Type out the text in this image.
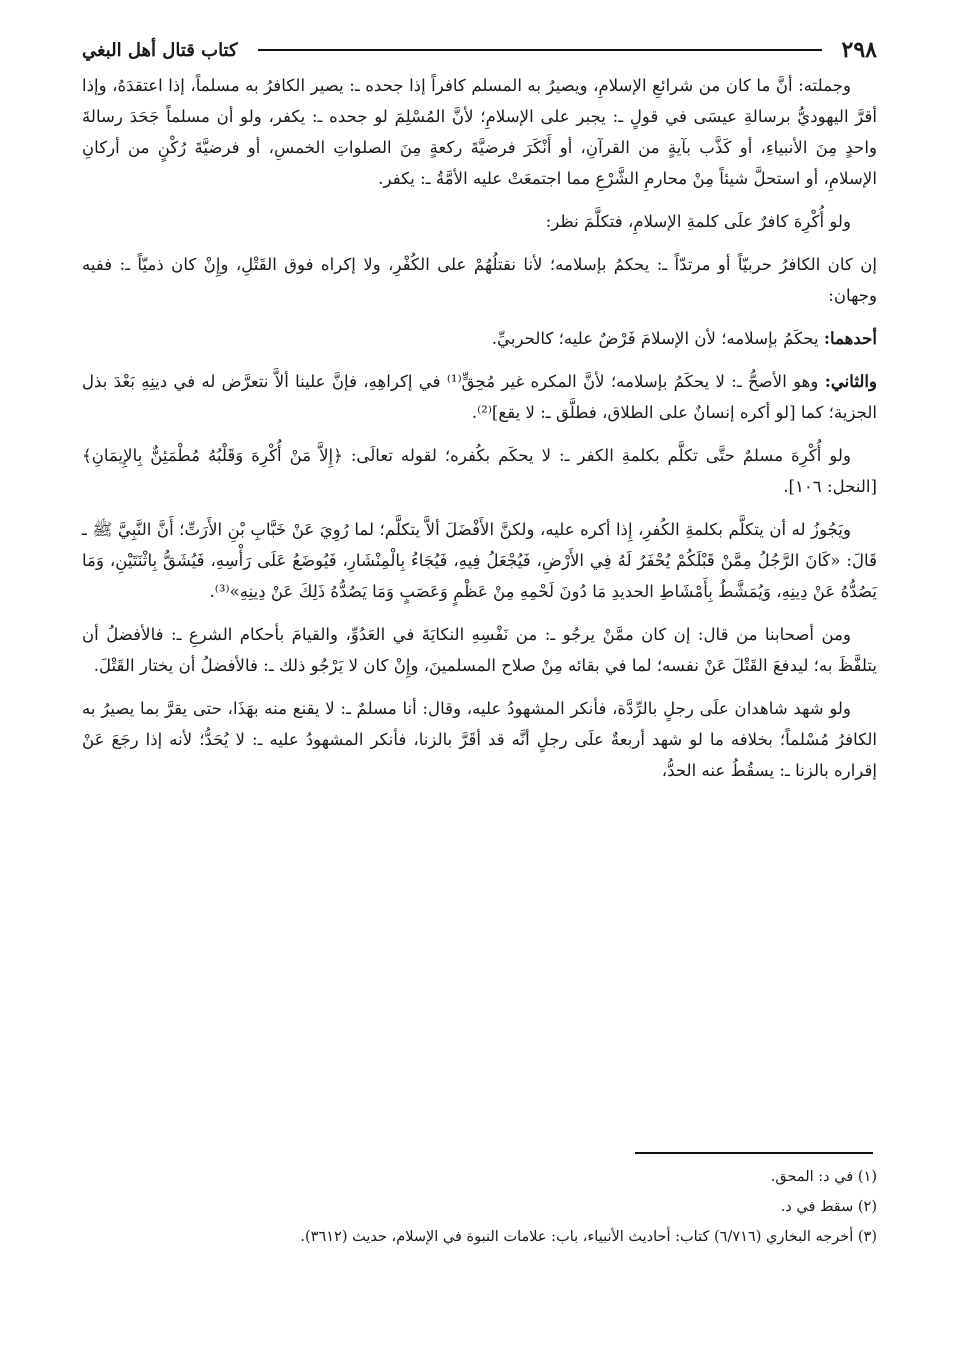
٢٩٨
كتاب قتال أهل البغي

وجملته: أنَّ ما كان من شرائعِ الإسلامِ، ويصيرُ به المسلم كافراً إذا جحده ـ: يصير الكافرُ به مسلماً، إذا اعتقدَهُ، وإذا أقرَّ اليهوديُّ برسالةِ عيسَى في قولٍ ـ: يجبر على الإسلامِ؛ لأنَّ المُسْلِمَ لو جحده ـ: يكفر، ولو أن مسلماً جَحَدَ رسالةَ واحدٍ مِنَ الأنبياءِ، أو كَذَّب بآيةٍ من القرآنِ، أو أَنْكَرَ فرضيَّةَ ركعةٍ مِنَ الصلواتِ الخمسِ، أو فرضيَّةَ رُكْنٍ من أركانِ الإسلامِ، أو استحلَّ شيئاً مِنْ محارمِ الشَّرْعِ مما اجتمعَتْ عليه الأمَّةُ ـ: يكفر.

ولو أُكْرِهَ كافرٌ علَى كلمةِ الإسلامِ، فتكلَّمَ نظر:

إن كان الكافرُ حربيّاً أو مرتدّاً ـ: يحكمُ بإسلامه؛ لأنا نقتلُهُمْ على الكُفْرِ، ولا إكراه فوق القَتْلِ، وإِنْ كان ذميّاً ـ: ففيه وجهان:

أحدهما: يحكَمُ بإسلامه؛ لأن الإسلامَ فَرْضٌ عليه؛ كالحربيِّ.

والثاني: وهو الأصحُّ ـ: لا يحكَمُ بإسلامه؛ لأنَّ المكره غير مُحِقٍّ⁽¹⁾ في إكراهِهِ، فإنَّ علينا ألاَّ نتعرَّض له في دينِهِ بَعْدَ بذل الجزية؛ كما [لو أكره إنسانٌ على الطلاق، فطلَّق ـ: لا يقع]⁽²⁾.

ولو أُكْرِهَ مسلمٌ حتَّى تكلَّم بكلمةِ الكفر ـ: لا يحكَم بكُفره؛ لقوله تعالَى: ﴿إِلاَّ مَنْ أُكْرِهَ وَقَلْبُهُ مُطْمَئِنٌّ بِالإِيمَانِ﴾ [النحل: ١٠٦].

ويَجُوزُ له أن يتكلَّم بكلمةِ الكُفرِ، إِذا أكره عليه، ولكنَّ الأَفْضَلَ ألاَّ يتكلَّم؛ لما رُوِيَ عَنْ خَبَّابِ بْنِ الأَرَتِّ؛ أَنَّ النَّبِيَّ ﷺ ـ قَالَ: «كَانَ الرَّجُلُ مِمَّنْ قَبْلَكُمْ يُحْفَرُ لَهُ فِي الأَرْضِ، فَيُجْعَلُ فِيهِ، فَيُجَاءُ بِالْمِنْشَارِ، فَيُوضَعُ عَلَى رَأْسِهِ، فَيُشَقُّ بِاثْنَتَيْنِ، وَمَا يَصُدُّهُ عَنْ دِينِهِ، وَيُمَشَّطُ بِأَمْشَاطِ الحديدِ مَا دُونَ لَحْمِهِ مِنْ عَظْمٍ وَعَصَبٍ وَمَا يَصُدُّهُ ذَلِكَ عَنْ دِينِهِ»⁽³⁾.

ومن أصحابنا من قال: إن كان ممَّنْ يرجُو ـ: من نَفْسِهِ النكايَةَ في العَدُوِّ، والقيامَ بأحكام الشرعِ ـ: فالأفضلُ أن يتلفَّظَ به؛ ليدفعَ القَتْلَ عَنْ نفسه؛ لما في بقائه مِنْ صلاح المسلمينَ، وإِنْ كان لا يَرْجُو ذلك ـ: فالأفضلُ أن يختار القَتْلَ.

ولو شهد شاهدان علَى رجلٍ بالرِّدَّة، فأنكر المشهودُ عليه، وقال: أنا مسلمٌ ـ: لا يقنع منه بهَذَا، حتى يقرَّ بما يصيرُ به الكافرُ مُسْلماً؛ بخلافه ما لو شهد أربعةٌ علَى رجلٍ أنَّه قد أقَرَّ بالزنا، فأنكر المشهودُ عليه ـ: لا يُحَدُّ؛ لأنه إذا رجَعَ عَنْ إقراره بالزنا ـ: يسقُطُ عنه الحدُّ،

(١) في د: المحق.
(٢) سقط في د.
(٣) أخرجه البخاري (٦/٧١٦) كتاب: أحاديث الأنبياء، باب: علامات النبوة في الإسلام، حديث (٣٦١٢).
